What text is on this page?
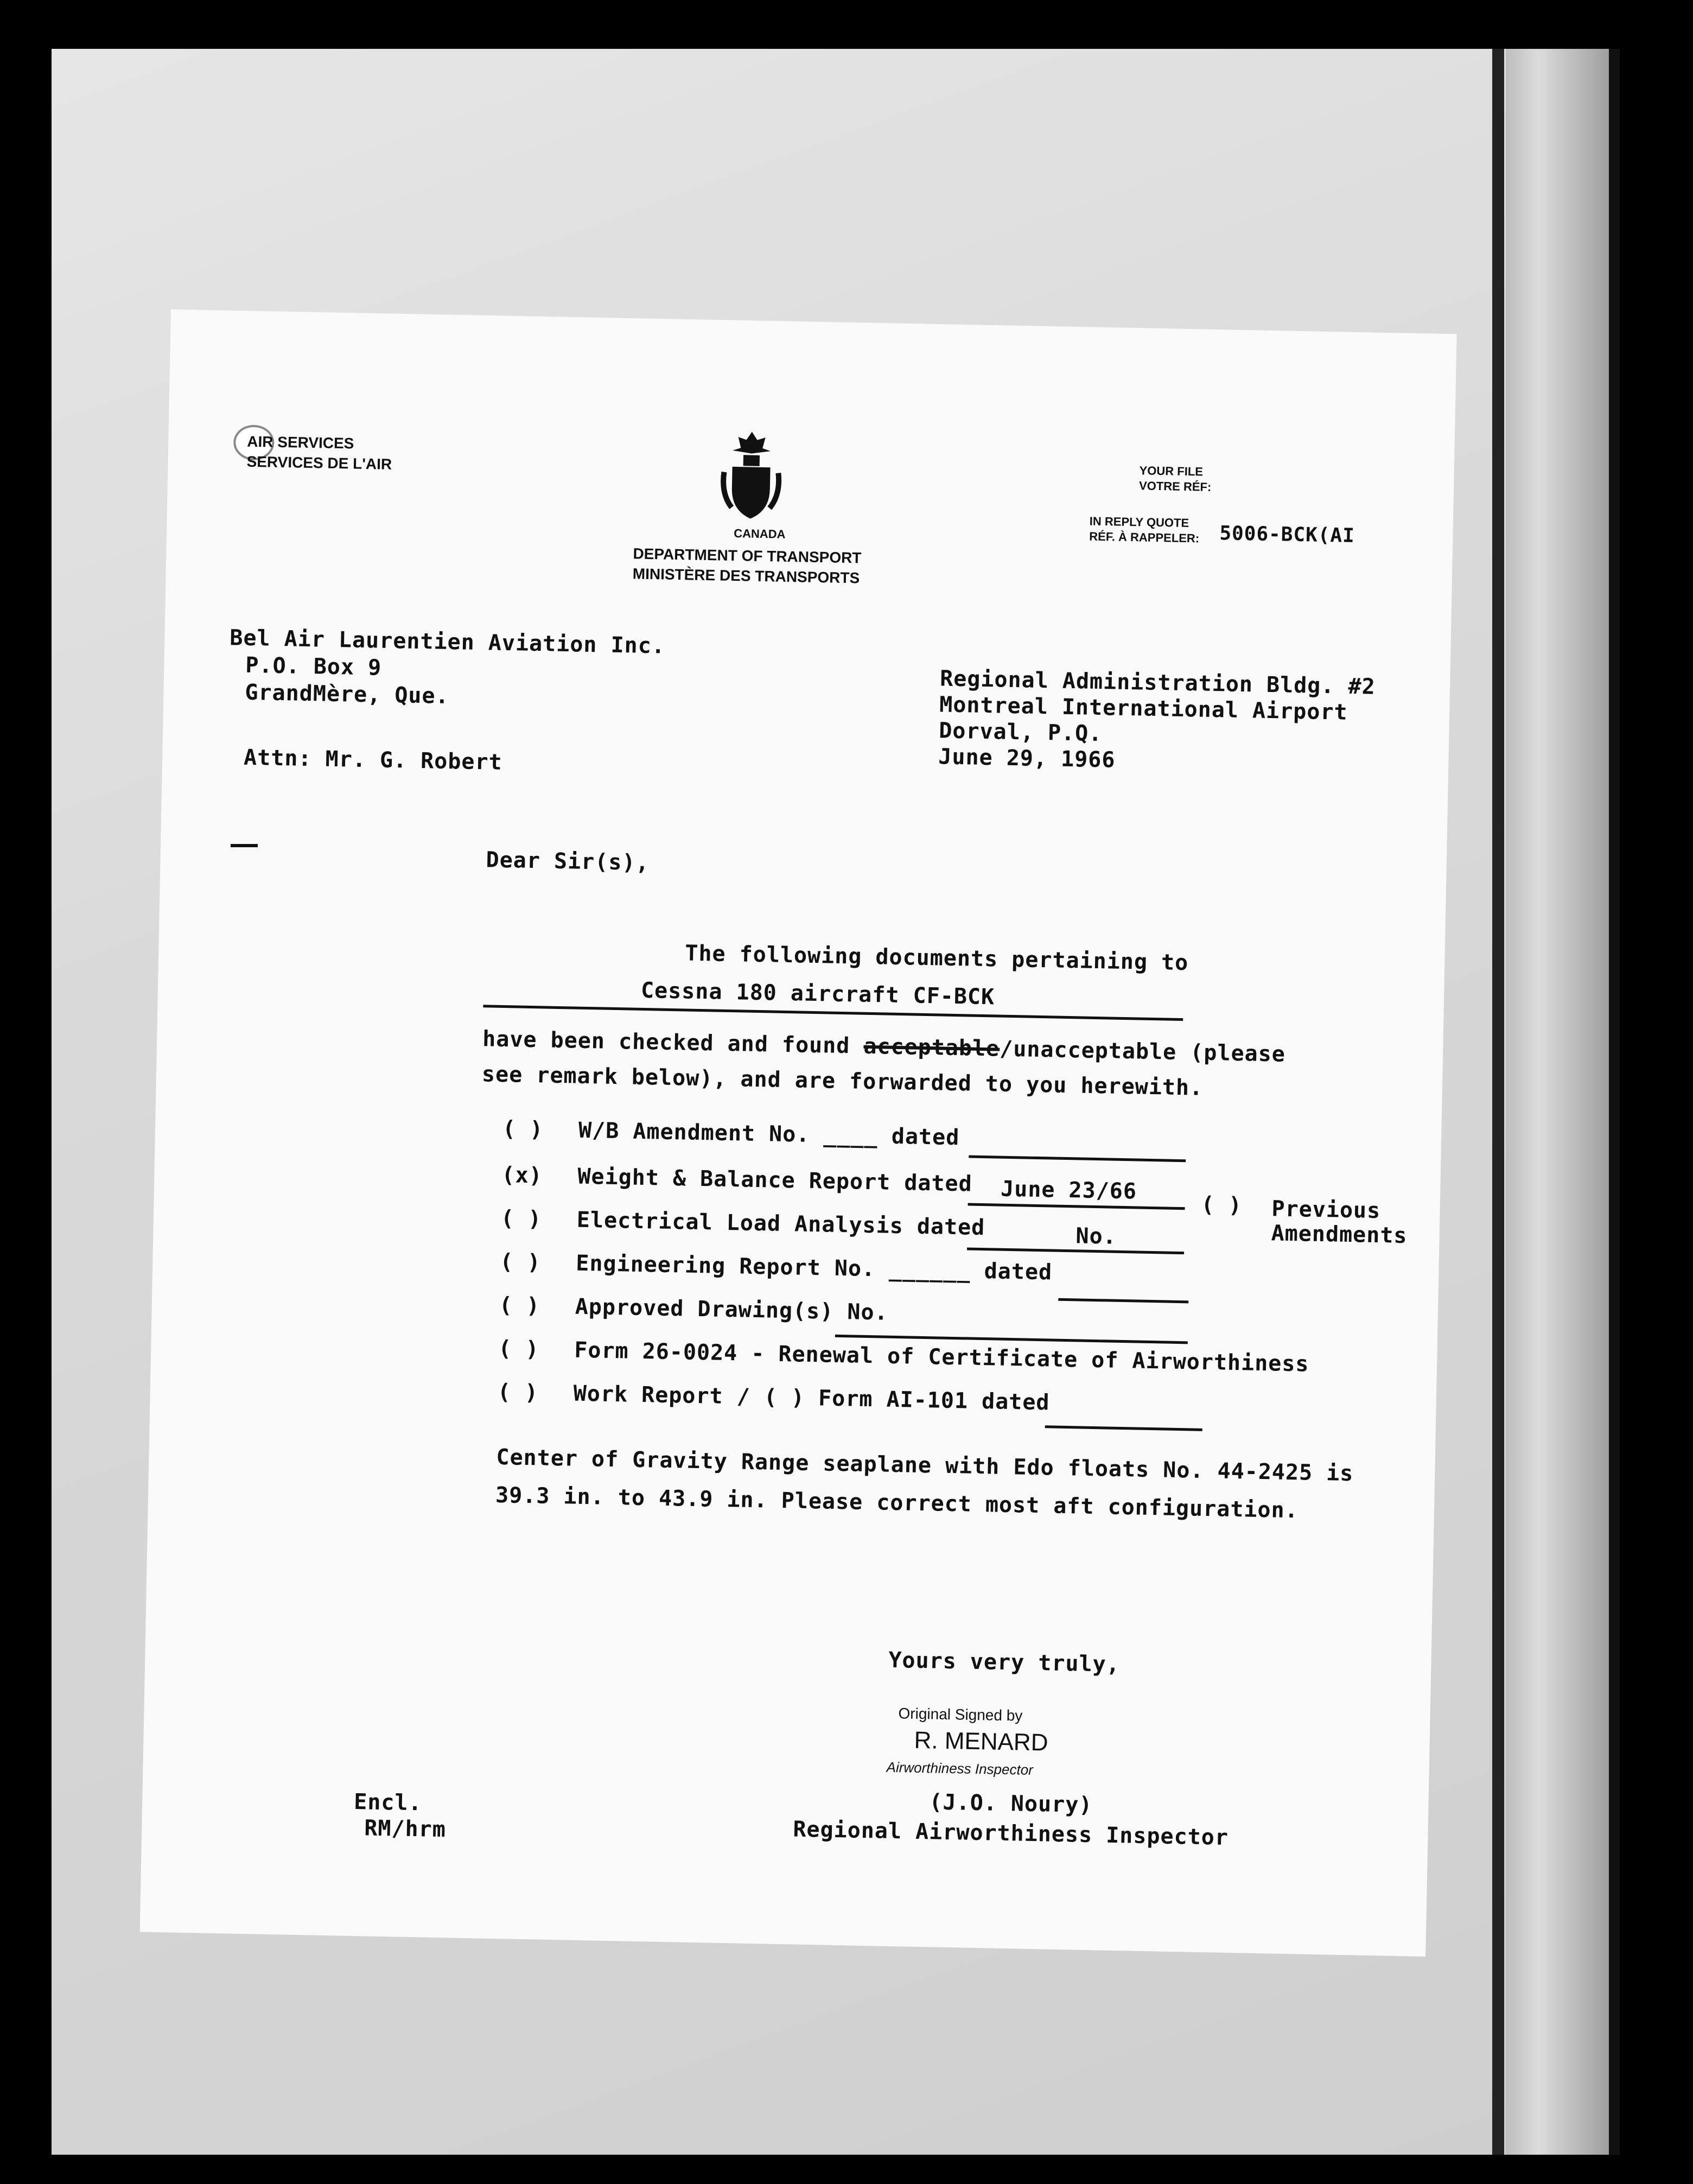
AIR SERVICES
SERVICES DE L'AIR
CANADA
DEPARTMENT OF TRANSPORT
MINISTÈRE DES TRANSPORTS
YOUR FILE
VOTRE RÉF:
IN REPLY QUOTE
RÉF. À RAPPELER: 5006-BCK(AI
Bel Air Laurentien Aviation Inc.
P.O. Box 9
GrandMère, Que.
Attn: Mr. G. Robert
Regional Administration Bldg. #2
Montreal International Airport
Dorval, P.Q.
June 29, 1966
Dear Sir(s),
The following documents pertaining to
Cessna 180 aircraft CF-BCK
have been checked and found acceptable/unacceptable (please
see remark below), and are forwarded to you herewith.
( ) W/B Amendment No. ____ dated
(x) Weight & Balance Report dated June 23/66
( ) Previous
Amendments
( ) Electrical Load Analysis dated	No.
( ) Engineering Report No. ______ dated
( ) Approved Drawing(s) No.
( ) Form 26-0024 - Renewal of Certificate of Airworthiness
( ) Work Report / ( ) Form AI-101 dated
Center of Gravity Range seaplane with Edo floats No. 44-2425 is
39.3 in. to 43.9 in. Please correct most aft configuration.
Yours very truly,
Original Signed by
R. MENARD
Airworthiness Inspector
(J.O. Noury)
Regional Airworthiness Inspector
Encl.
RM/hrm
